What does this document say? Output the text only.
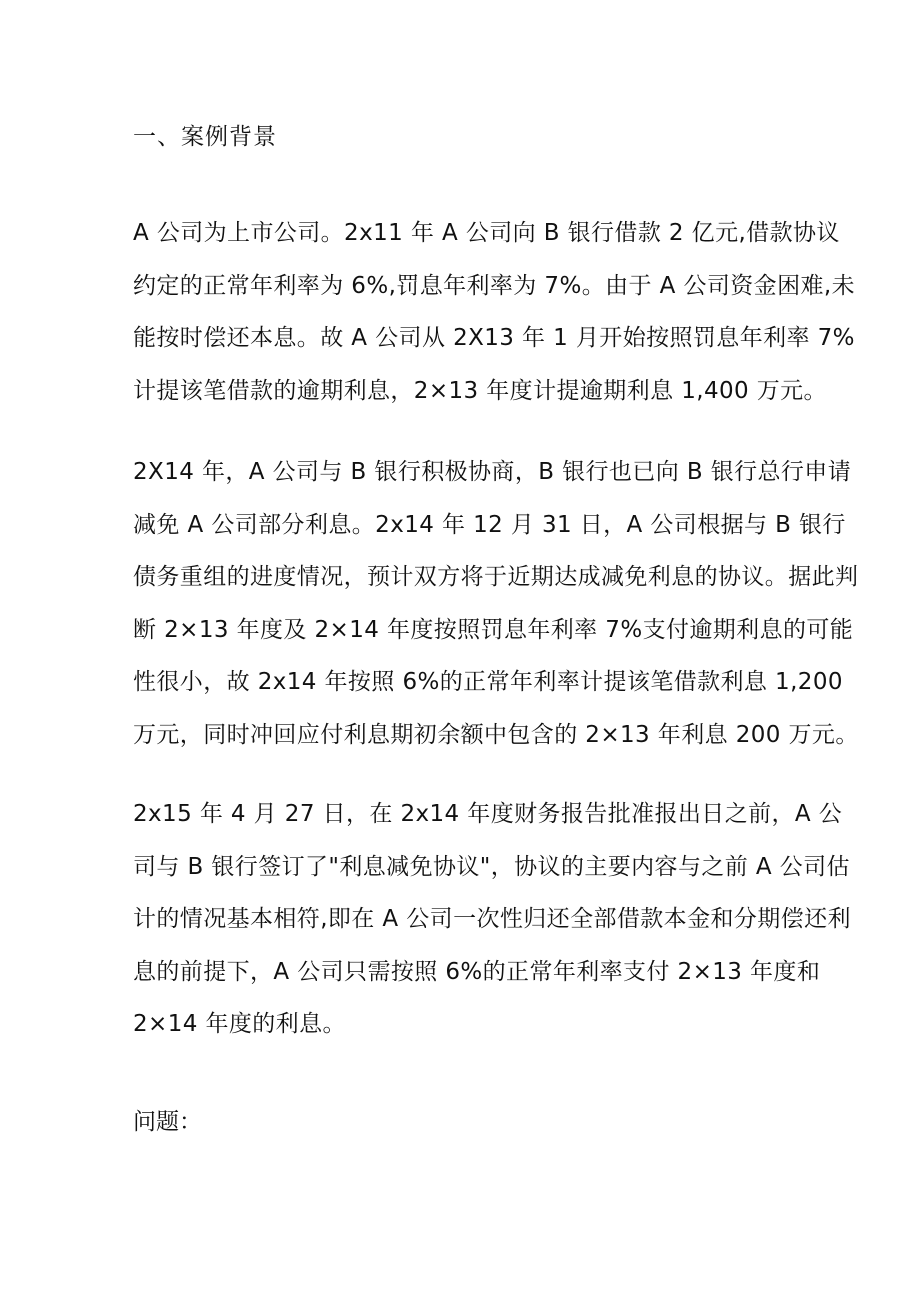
一、案例背景

A 公司为上市公司。2x11 年 A 公司向 B 银行借款 2 亿元,借款协议
约定的正常年利率为 6%,罚息年利率为 7%。由于 A 公司资金困难,未
能按时偿还本息。故 A 公司从 2X13 年 1 月开始按照罚息年利率 7%
计提该笔借款的逾期利息，2×13 年度计提逾期利息 1,400 万元。

2X14 年，A 公司与 B 银行积极协商，B 银行也已向 B 银行总行申请
减免 A 公司部分利息。2x14 年 12 月 31 日，A 公司根据与 B 银行
债务重组的进度情况，预计双方将于近期达成减免利息的协议。据此判
断 2×13 年度及 2×14 年度按照罚息年利率 7%支付逾期利息的可能
性很小，故 2x14 年按照 6%的正常年利率计提该笔借款利息 1,200
万元，同时冲回应付利息期初余额中包含的 2×13 年利息 200 万元。

2x15 年 4 月 27 日，在 2x14 年度财务报告批准报出日之前，A 公
司与 B 银行签订了"利息减免协议"，协议的主要内容与之前 A 公司估
计的情况基本相符,即在 A 公司一次性归还全部借款本金和分期偿还利
息的前提下，A 公司只需按照 6%的正常年利率支付 2×13 年度和
2×14 年度的利息。

问题：
